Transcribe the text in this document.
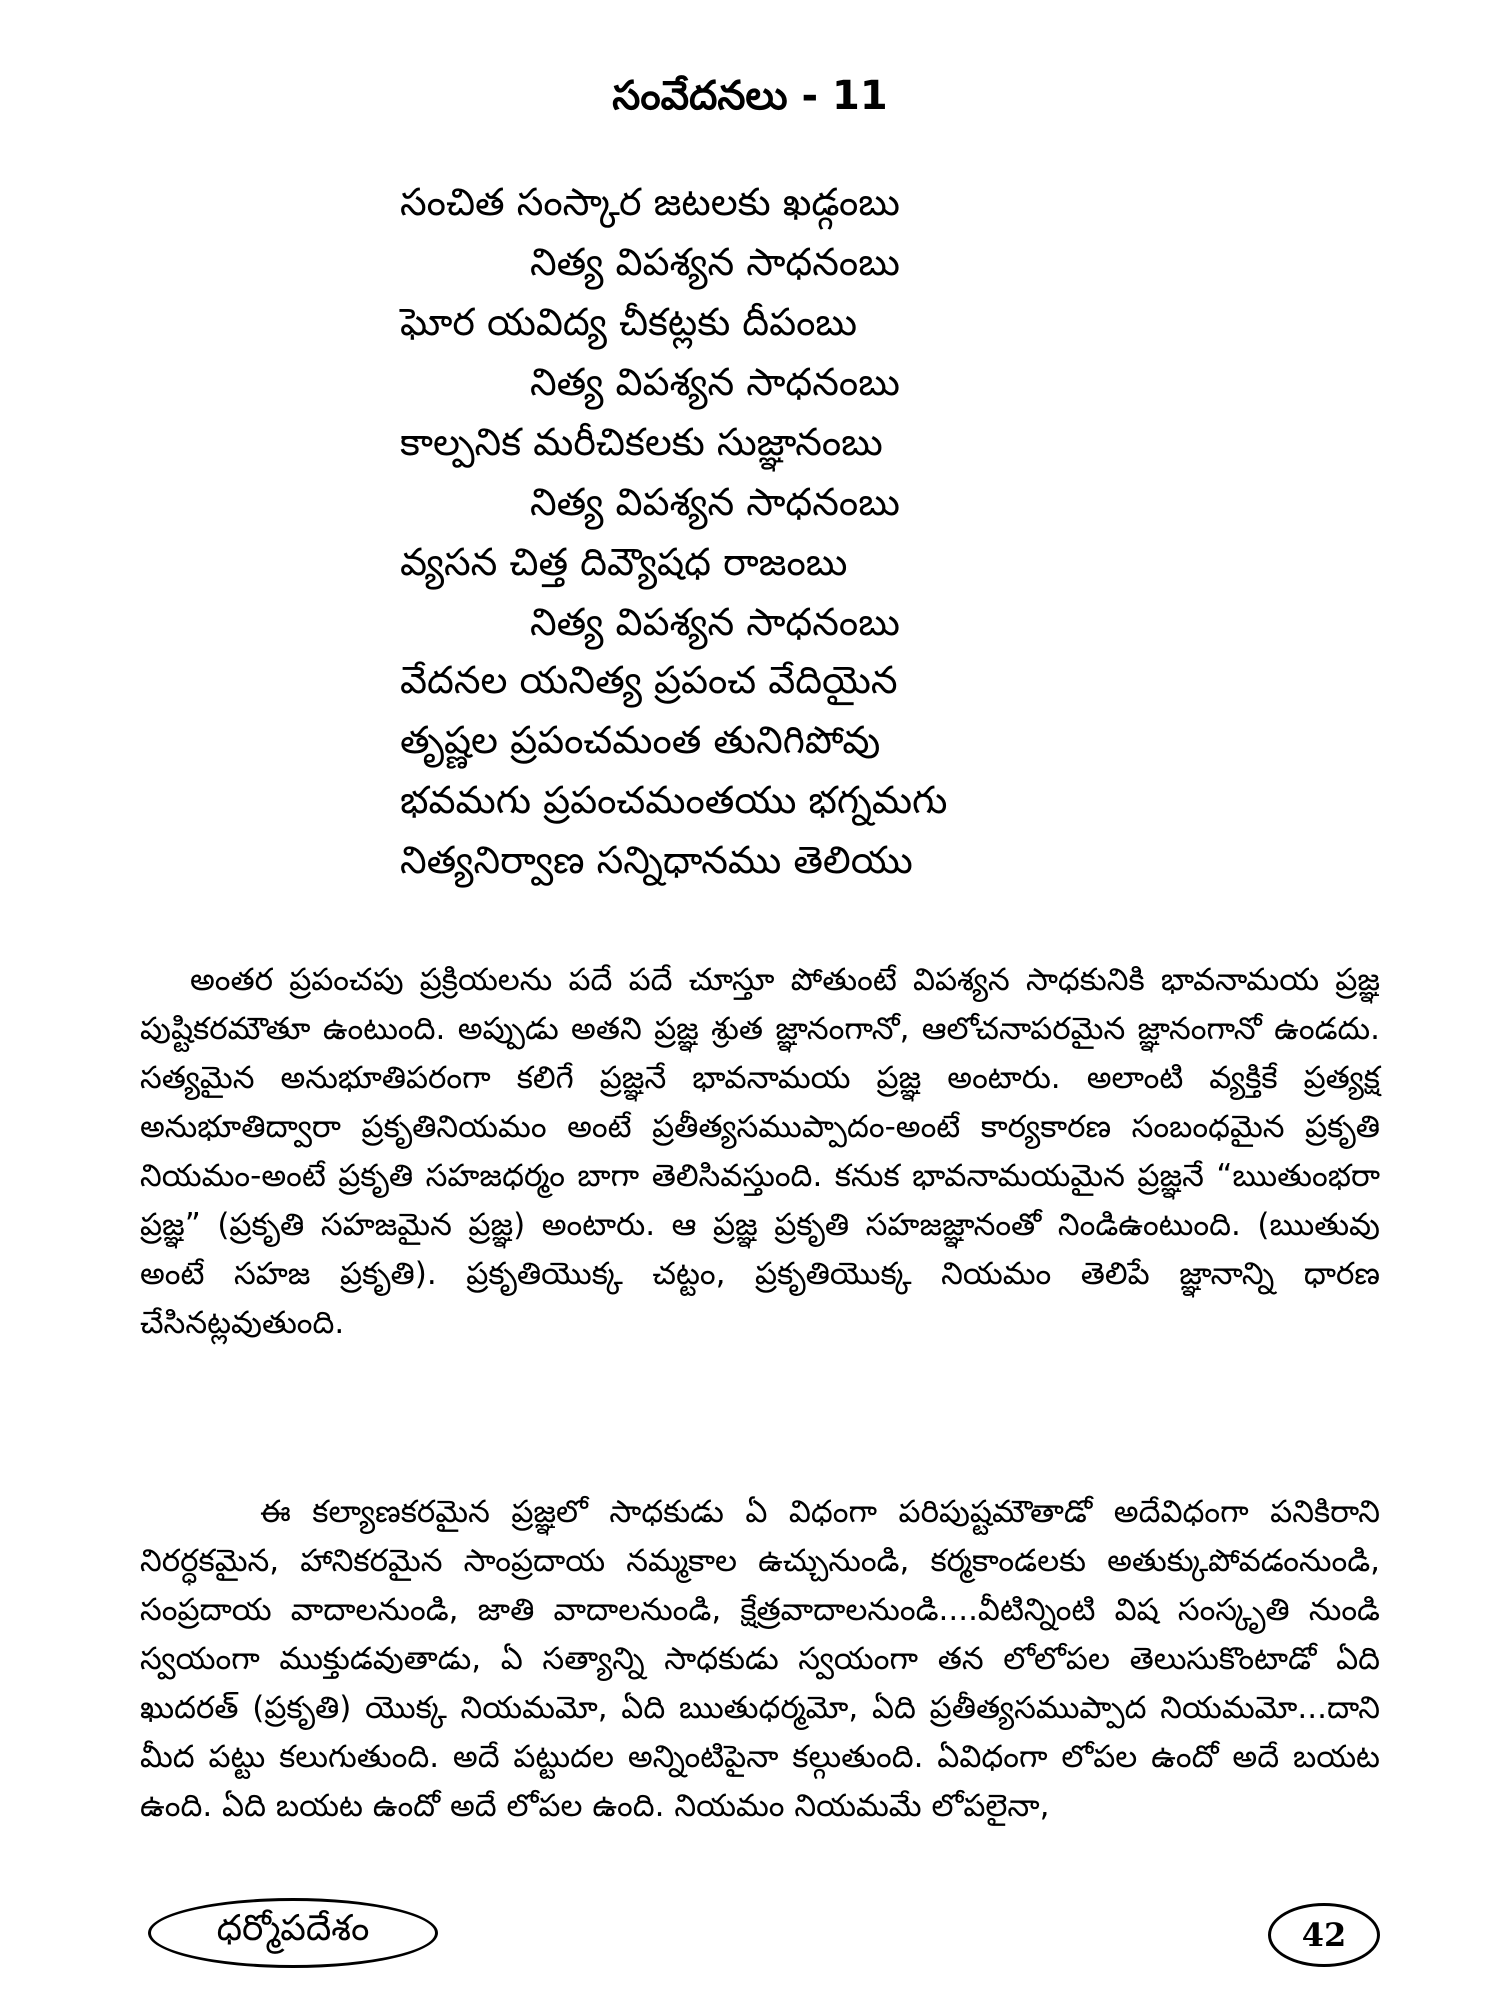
సంవేదనలు - 11
సంచిత సంస్కార జటలకు ఖడ్గంబు
నిత్య విపశ్యన సాధనంబు
ఘోర యవిద్య చీకట్లకు దీపంబు
నిత్య విపశ్యన సాధనంబు
కాల్పనిక మరీచికలకు సుజ్ఞానంబు
నిత్య విపశ్యన సాధనంబు
వ్యసన చిత్త దివ్యౌషధ రాజంబు
నిత్య విపశ్యన సాధనంబు
వేదనల యనిత్య ప్రపంచ వేదియైన
తృష్ణల ప్రపంచమంత తునిగిపోవు
భవమగు ప్రపంచమంతయు భగ్నమగు
నిత్యనిర్వాణ సన్నిధానము తెలియు

అంతర ప్రపంచపు ప్రక్రియలను పదే పదే చూస్తూ పోతుంటే విపశ్యన సాధకునికి భావనామయ ప్రజ్ఞ పుష్టికరమౌతూ ఉంటుంది. అప్పుడు అతని ప్రజ్ఞ శ్రుత జ్ఞానంగానో, ఆలోచనాపరమైన జ్ఞానంగానో ఉండదు. సత్యమైన అనుభూతిపరంగా కలిగే ప్రజ్ఞనే భావనామయ ప్రజ్ఞ అంటారు. అలాంటి వ్యక్తికే ప్రత్యక్ష అనుభూతిద్వారా ప్రకృతినియమం అంటే ప్రతీత్యసముప్పాదం-అంటే కార్యకారణ సంబంధమైన ప్రకృతి నియమం-అంటే ప్రకృతి సహజధర్మం బాగా తెలిసివస్తుంది. కనుక భావనామయమైన ప్రజ్ఞనే “ఋతుంభరా ప్రజ్ఞ” (ప్రకృతి సహజమైన ప్రజ్ఞ) అంటారు. ఆ ప్రజ్ఞ ప్రకృతి సహజజ్ఞానంతో నిండిఉంటుంది. (ఋతువు అంటే సహజ ప్రకృతి). ప్రకృతియొక్క చట్టం, ప్రకృతియొక్క నియమం తెలిపే జ్ఞానాన్ని ధారణ చేసినట్లవుతుంది.

ఈ కల్యాణకరమైన ప్రజ్ఞలో సాధకుడు ఏ విధంగా పరిపుష్టమౌతాడో అదేవిధంగా పనికిరాని నిరర్ధకమైన, హానికరమైన సాంప్రదాయ నమ్మకాల ఉచ్చునుండి, కర్మకాండలకు అతుక్కుపోవడంనుండి, సంప్రదాయ వాదాలనుండి, జాతి వాదాలనుండి, క్షేత్రవాదాలనుండి....వీటిన్నింటి విష సంస్కృతి నుండి స్వయంగా ముక్తుడవుతాడు, ఏ సత్యాన్ని సాధకుడు స్వయంగా తన లోలోపల తెలుసుకొంటాడో ఏది ఖుదరత్ (ప్రకృతి) యొక్క నియమమో, ఏది ఋతుధర్మమో, ఏది ప్రతీత్యసముప్పాద నియమమో...దాని మీద పట్టు కలుగుతుంది. అదే పట్టుదల అన్నింటిపైనా కల్గుతుంది. ఏవిధంగా లోపల ఉందో అదే బయట ఉంది. ఏది బయట ఉందో అదే లోపల ఉంది. నియమం నియమమే లోపలైనా,

ధర్మోపదేశం	42
